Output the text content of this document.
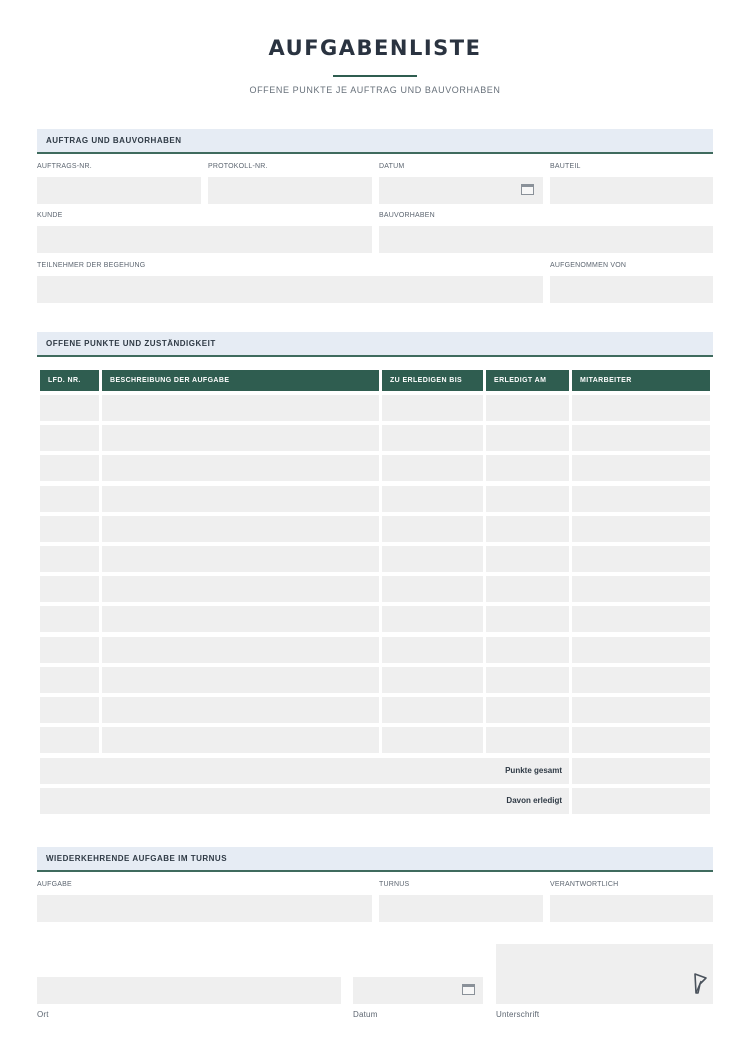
AUFGABENLISTE
OFFENE PUNKTE JE AUFTRAG UND BAUVORHABEN
AUFTRAG UND BAUVORHABEN
AUFTRAGS-NR.	PROTOKOLL-NR.	DATUM	BAUTEIL
KUNDE	BAUVORHABEN
TEILNEHMER DER BEGEHUNG	AUFGENOMMEN VON
OFFENE PUNKTE UND ZUSTÄNDIGKEIT
LFD. NR.	BESCHREIBUNG DER AUFGABE	ZU ERLEDIGEN BIS	ERLEDIGT AM	MITARBEITER
Punkte gesamt
Davon erledigt
WIEDERKEHRENDE AUFGABE IM TURNUS
AUFGABE	TURNUS	VERANTWORTLICH
Ort	Datum	Unterschrift
